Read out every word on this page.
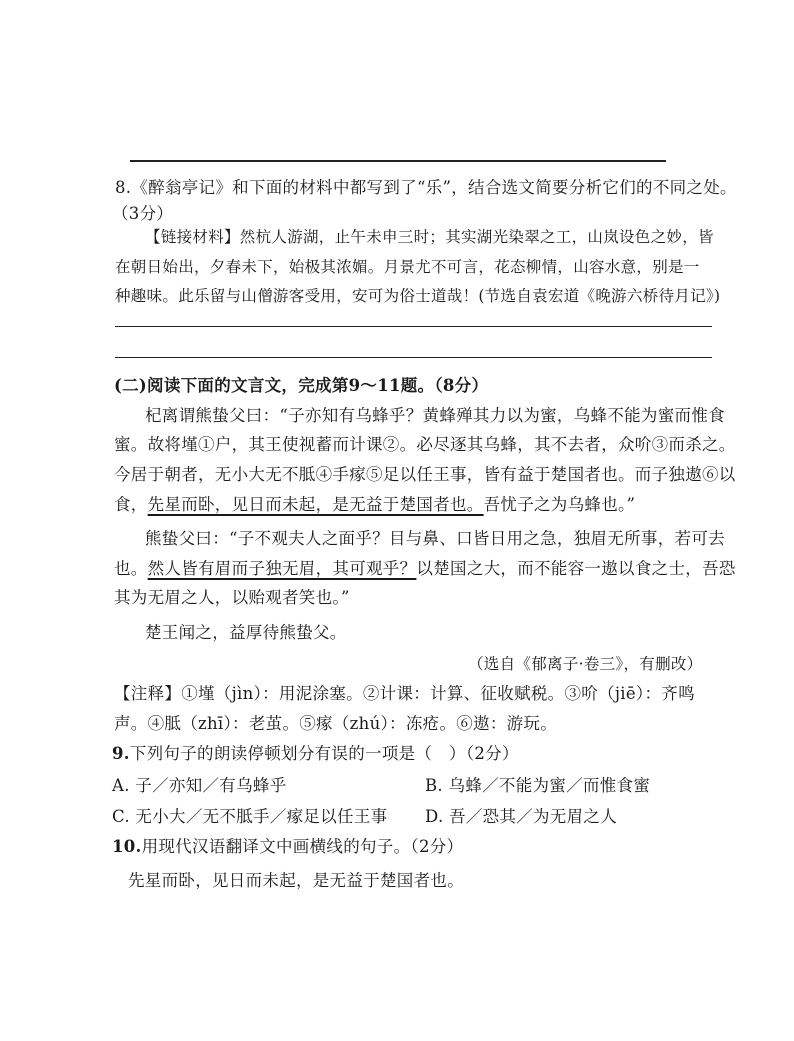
8.《醉翁亭记》和下面的材料中都写到了“乐”，结合选文简要分析它们的不同之处。
（3分）
【链接材料】然杭人游湖，止午未申三时；其实湖光染翠之工，山岚设色之妙，皆
在朝日始出，夕春未下，始极其浓媚。月景尤不可言，花态柳情，山容水意，别是一
种趣味。此乐留与山僧游客受用，安可为俗士道哉！(节选自袁宏道《晚游六桥待月记》)
(二)阅读下面的文言文，完成第9～11题。（8分）
杞离谓熊蛰父曰：“子亦知有乌蜂乎？黄蜂殚其力以为蜜，乌蜂不能为蜜而惟食
蜜。故将墐①户，其王使视蓄而计课②。必尽逐其乌蜂，其不去者，众吤③而杀之。
今居于朝者，无小大无不胝④手瘃⑤足以任王事，皆有益于楚国者也。而子独遨⑥以
食，先星而卧，见日而未起，是无益于楚国者也。吾忧子之为乌蜂也。”
熊蛰父曰：“子不观夫人之面乎？目与鼻、口皆日用之急，独眉无所事，若可去
也。然人皆有眉而子独无眉，其可观乎？以楚国之大，而不能容一遨以食之士，吾恐
其为无眉之人，以贻观者笑也。”
楚王闻之，益厚待熊蛰父。
（选自《郁离子·卷三》，有删改）
【注释】①墐（jìn）：用泥涂塞。②计课：计算、征收赋税。③吤（jiē）：齐鸣
声。④胝（zhī）：老茧。⑤瘃（zhú）：冻疮。⑥遨：游玩。
9.下列句子的朗读停顿划分有误的一项是（　）（2分）
A. 子／亦知／有乌蜂乎	B. 乌蜂／不能为蜜／而惟食蜜
C. 无小大／无不胝手／瘃足以任王事 D. 吾／恐其／为无眉之人
10.用现代汉语翻译文中画横线的句子。（2分）
先星而卧，见日而未起，是无益于楚国者也。
